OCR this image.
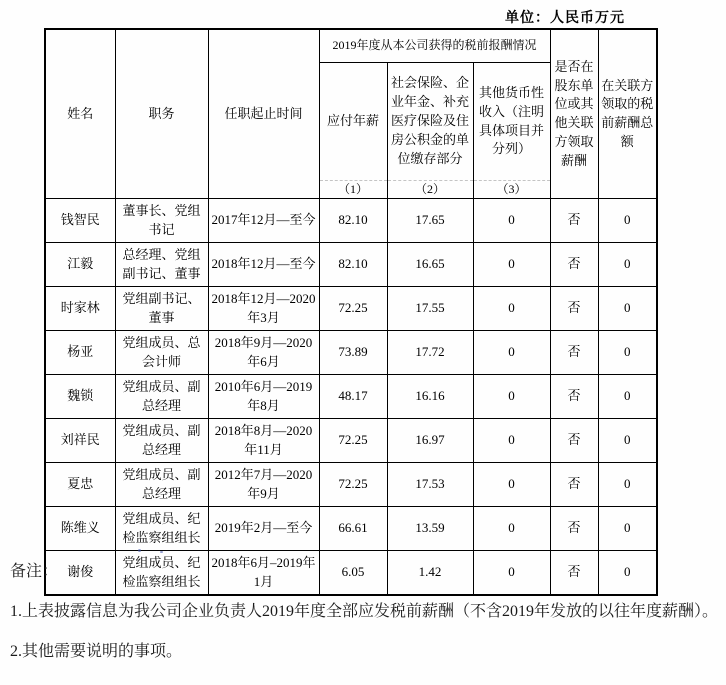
单位：人民币万元
姓名	职务	任职起止时间	2019年度从本公司获得的税前报酬情况			是否在股东单位或其他关联方领取薪酬	在关联方领取的税前薪酬总额
			应付年薪	社会保险、企业年金、补充医疗保险及住房公积金的单位缴存部分	其他货币性收入（注明具体项目并分列）		
			（1）	（2）	（3）		
钱智民	董事长、党组书记	2017年12月—至今	82.10	17.65	0	否	0
江毅	总经理、党组副书记、董事	2018年12月—至今	82.10	16.65	0	否	0
时家林	党组副书记、董事	2018年12月—2020年3月	72.25	17.55	0	否	0
杨亚	党组成员、总会计师	2018年9月—2020年6月	73.89	17.72	0	否	0
魏锁	党组成员、副总经理	2010年6月—2019年8月	48.17	16.16	0	否	0
刘祥民	党组成员、副总经理	2018年8月—2020年11月	72.25	16.97	0	否	0
夏忠	党组成员、副总经理	2012年7月—2020年9月	72.25	17.53	0	否	0
陈维义	党组成员、纪检监察组组长	2019年2月—至今	66.61	13.59	0	否	0
谢俊	党组成员、纪检监察组组长	2018年6月–2019年1月	6.05	1.42	0	否	0

备注：

1.上表披露信息为我公司企业负责人2019年度全部应发税前薪酬（不含2019年发放的以往年度薪酬）。

2.其他需要说明的事项。
